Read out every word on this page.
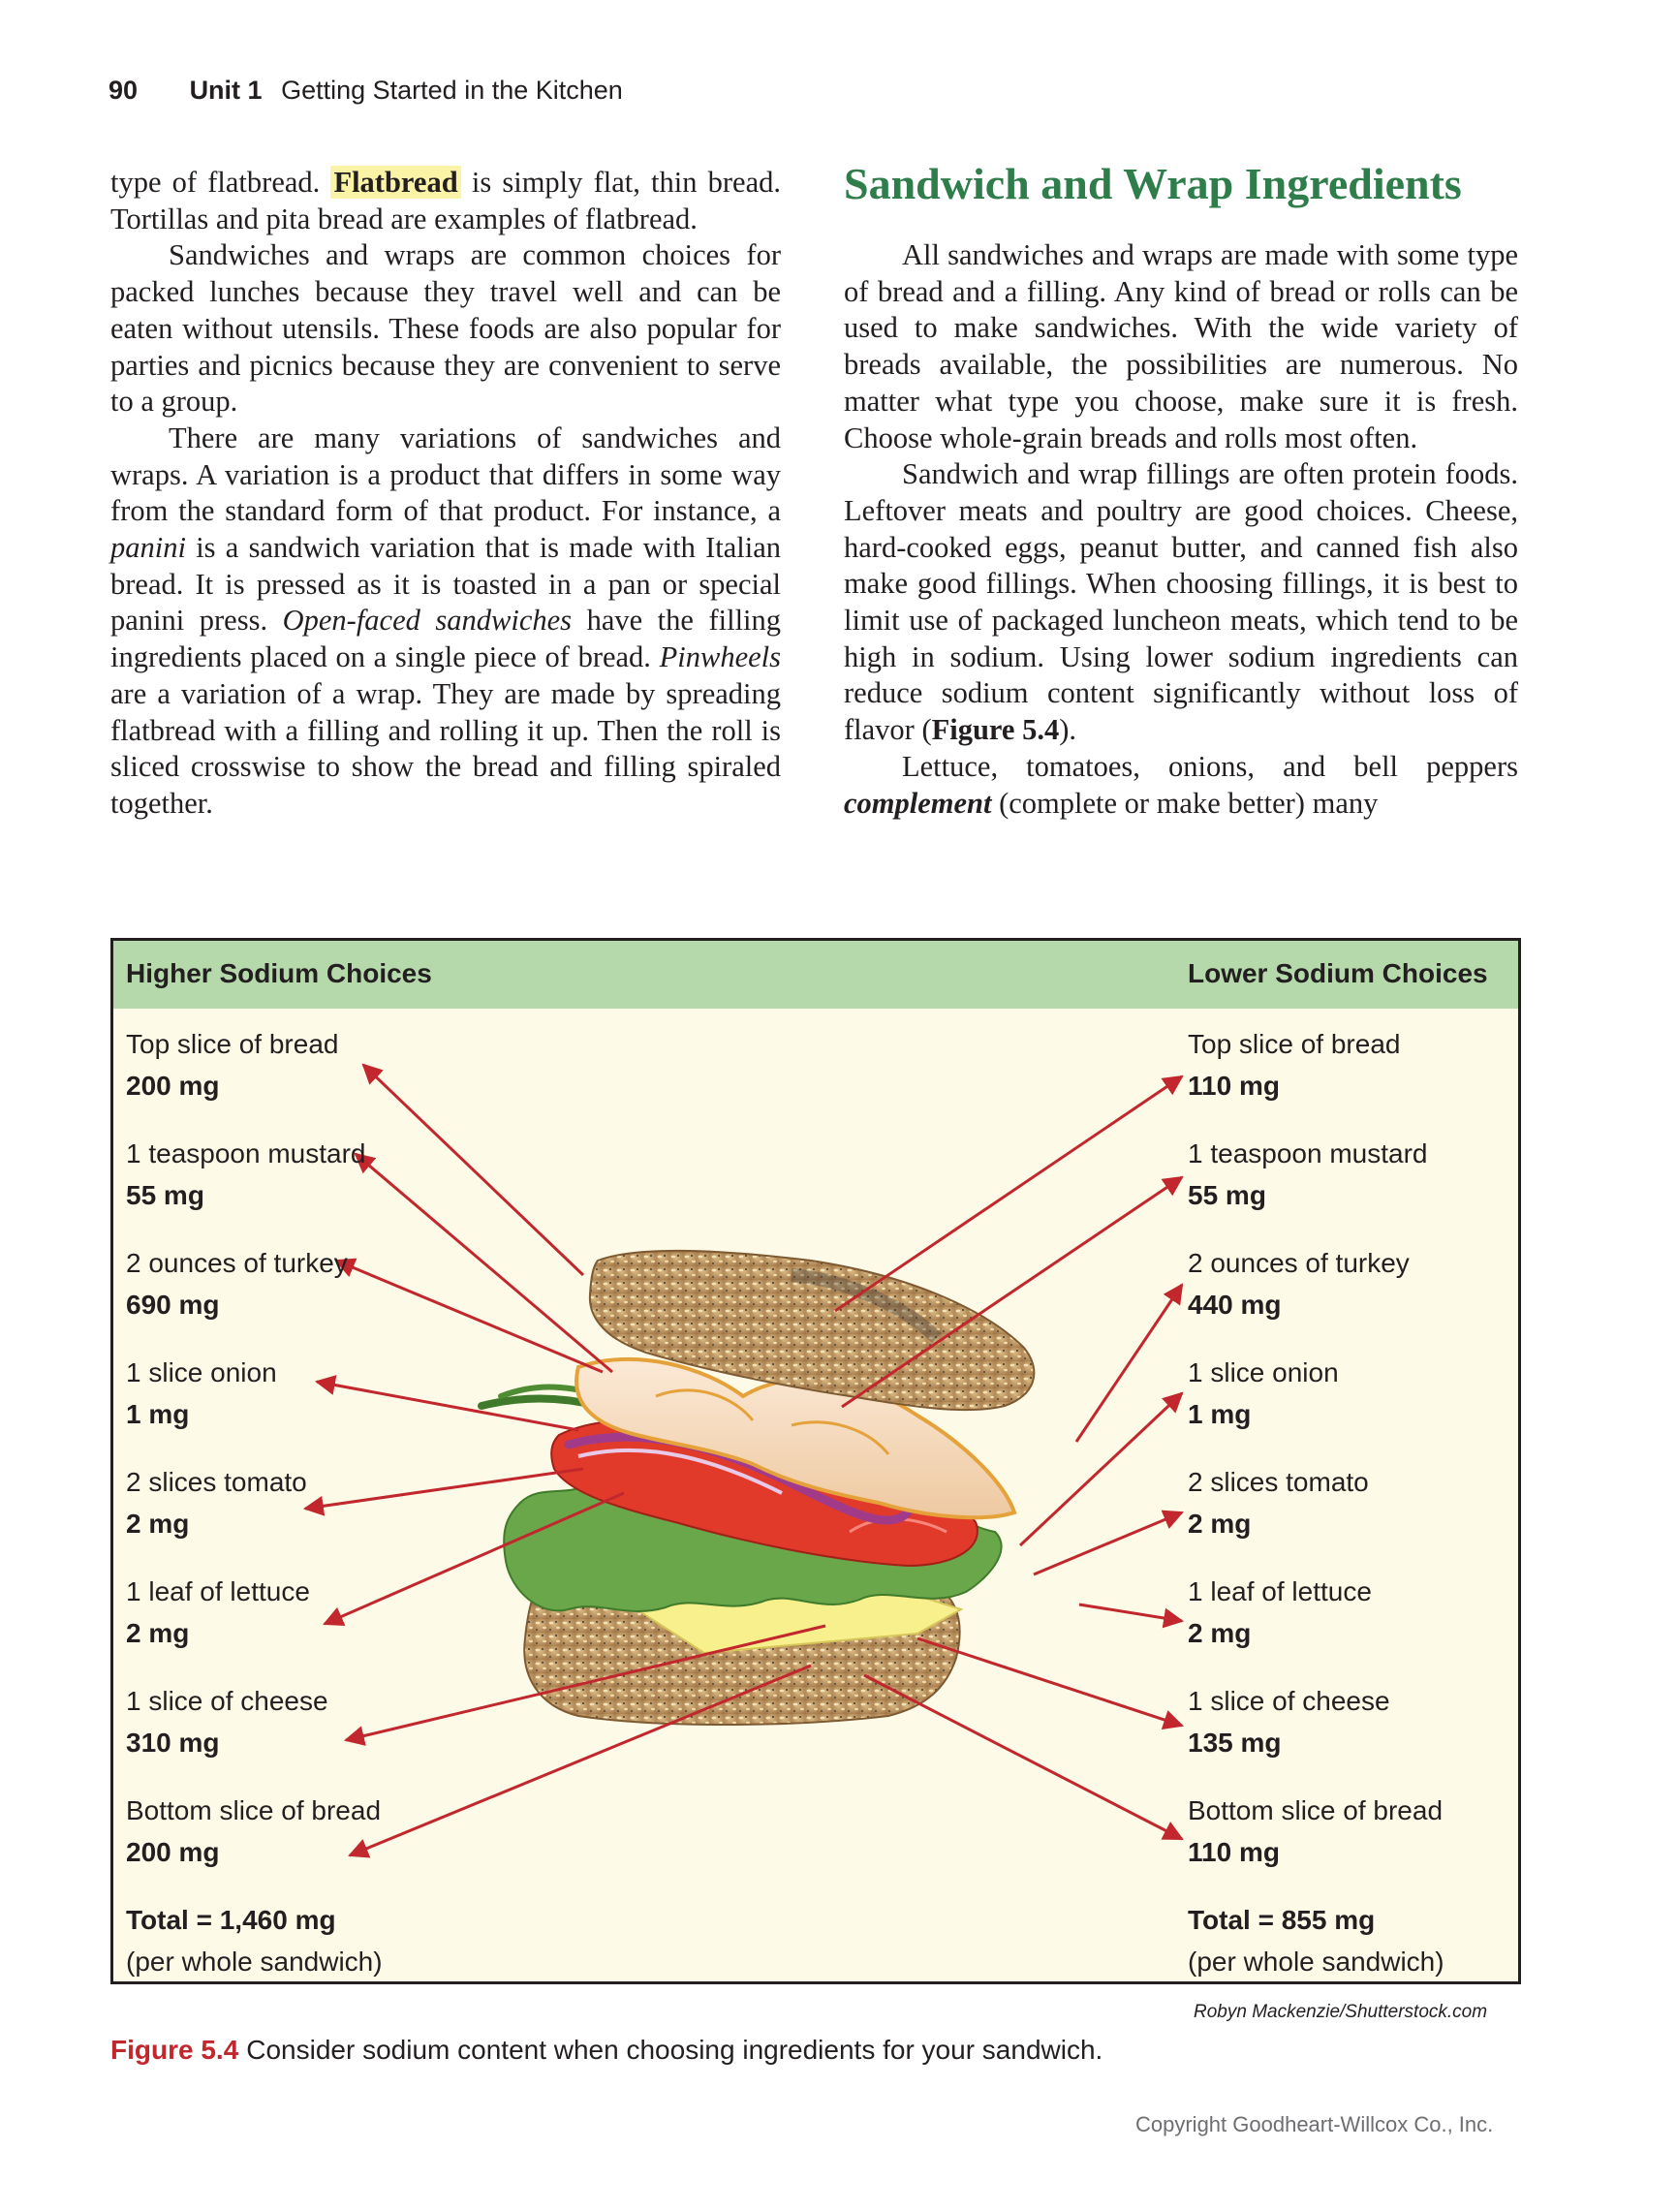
90 Unit 1 Getting Started in the Kitchen

type of flatbread. Flatbread is simply flat, thin bread. Tortillas and pita bread are examples of flatbread.

Sandwiches and wraps are common choices for packed lunches because they travel well and can be eaten without utensils. These foods are also popular for parties and picnics because they are convenient to serve to a group.

There are many variations of sandwiches and wraps. A variation is a product that differs in some way from the standard form of that product. For instance, a panini is a sandwich variation that is made with Italian bread. It is pressed as it is toasted in a pan or special panini press. Open-faced sandwiches have the filling ingredients placed on a single piece of bread. Pinwheels are a variation of a wrap. They are made by spreading flatbread with a filling and rolling it up. Then the roll is sliced crosswise to show the bread and filling spiraled together.

Sandwich and Wrap Ingredients

All sandwiches and wraps are made with some type of bread and a filling. Any kind of bread or rolls can be used to make sandwiches. With the wide variety of breads available, the possibilities are numerous. No matter what type you choose, make sure it is fresh. Choose whole-grain breads and rolls most often.

Sandwich and wrap fillings are often protein foods. Leftover meats and poultry are good choices. Cheese, hard-cooked eggs, peanut butter, and canned fish also make good fillings. When choosing fillings, it is best to limit use of packaged luncheon meats, which tend to be high in sodium. Using lower sodium ingredients can reduce sodium content significantly without loss of flavor (Figure 5.4).

Lettuce, tomatoes, onions, and bell peppers complement (complete or make better) many

Higher Sodium Choices	Lower Sodium Choices
Top slice of bread
200 mg
1 teaspoon mustard
55 mg
2 ounces of turkey
690 mg
1 slice onion
1 mg
2 slices tomato
2 mg
1 leaf of lettuce
2 mg
1 slice of cheese
310 mg
Bottom slice of bread
200 mg
Total = 1,460 mg
(per whole sandwich)
Top slice of bread
110 mg
1 teaspoon mustard
55 mg
2 ounces of turkey
440 mg
1 slice onion
1 mg
2 slices tomato
2 mg
1 leaf of lettuce
2 mg
1 slice of cheese
135 mg
Bottom slice of bread
110 mg
Total = 855 mg
(per whole sandwich)
Robyn Mackenzie/Shutterstock.com
Figure 5.4 Consider sodium content when choosing ingredients for your sandwich.
Copyright Goodheart-Willcox Co., Inc.
